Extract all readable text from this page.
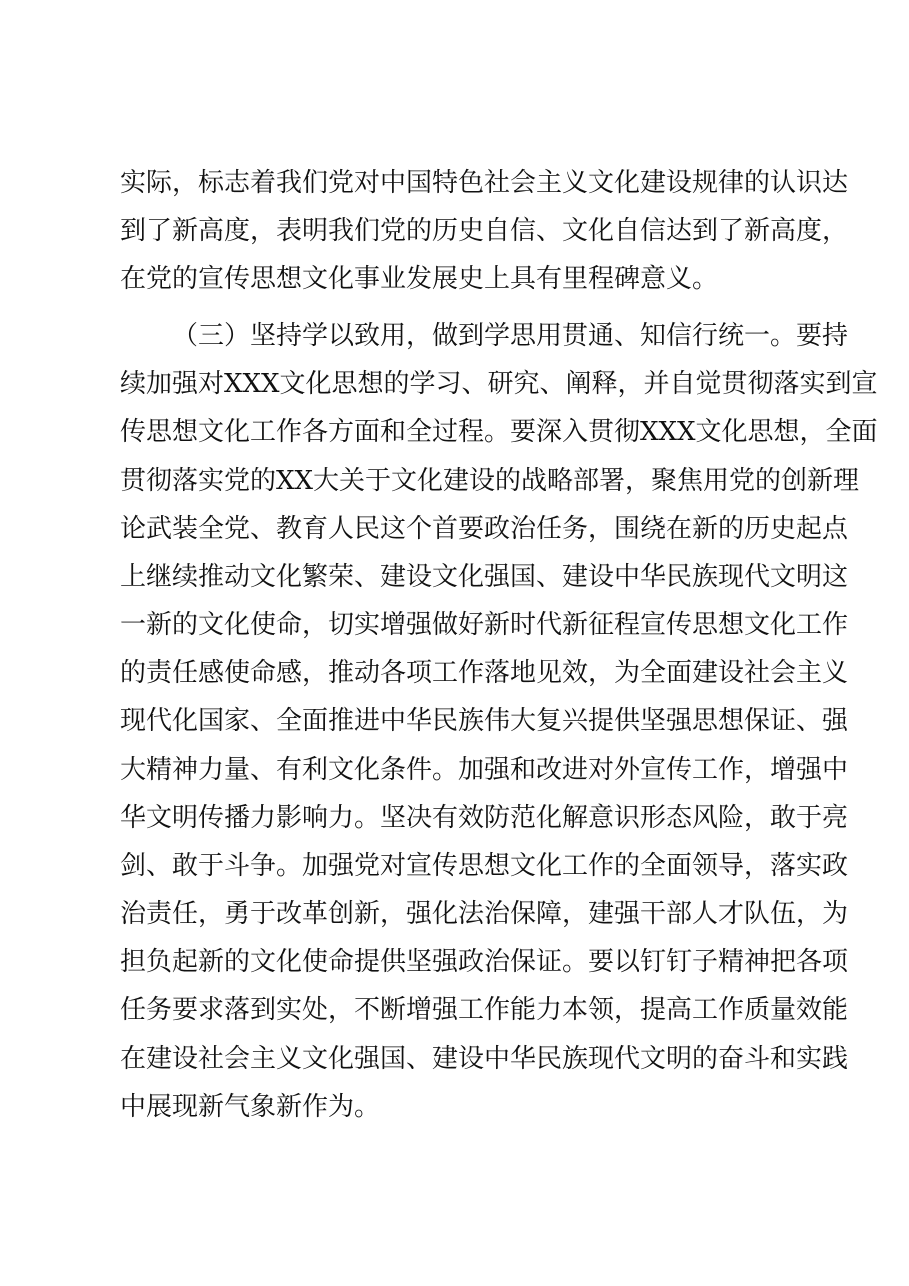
实际，标志着我们党对中国特色社会主义文化建设规律的认识达
到了新高度，表明我们党的历史自信、文化自信达到了新高度，
在党的宣传思想文化事业发展史上具有里程碑意义。
（三）坚持学以致用，做到学思用贯通、知信行统一。要持
续加强对XXX文化思想的学习、研究、阐释，并自觉贯彻落实到宣
传思想文化工作各方面和全过程。要深入贯彻XXX文化思想，全面
贯彻落实党的XX大关于文化建设的战略部署，聚焦用党的创新理
论武装全党、教育人民这个首要政治任务，围绕在新的历史起点
上继续推动文化繁荣、建设文化强国、建设中华民族现代文明这
一新的文化使命，切实增强做好新时代新征程宣传思想文化工作
的责任感使命感，推动各项工作落地见效，为全面建设社会主义
现代化国家、全面推进中华民族伟大复兴提供坚强思想保证、强
大精神力量、有利文化条件。加强和改进对外宣传工作，增强中
华文明传播力影响力。坚决有效防范化解意识形态风险，敢于亮
剑、敢于斗争。加强党对宣传思想文化工作的全面领导，落实政
治责任，勇于改革创新，强化法治保障，建强干部人才队伍，为
担负起新的文化使命提供坚强政治保证。要以钉钉子精神把各项
任务要求落到实处，不断增强工作能力本领，提高工作质量效能
在建设社会主义文化强国、建设中华民族现代文明的奋斗和实践
中展现新气象新作为。
